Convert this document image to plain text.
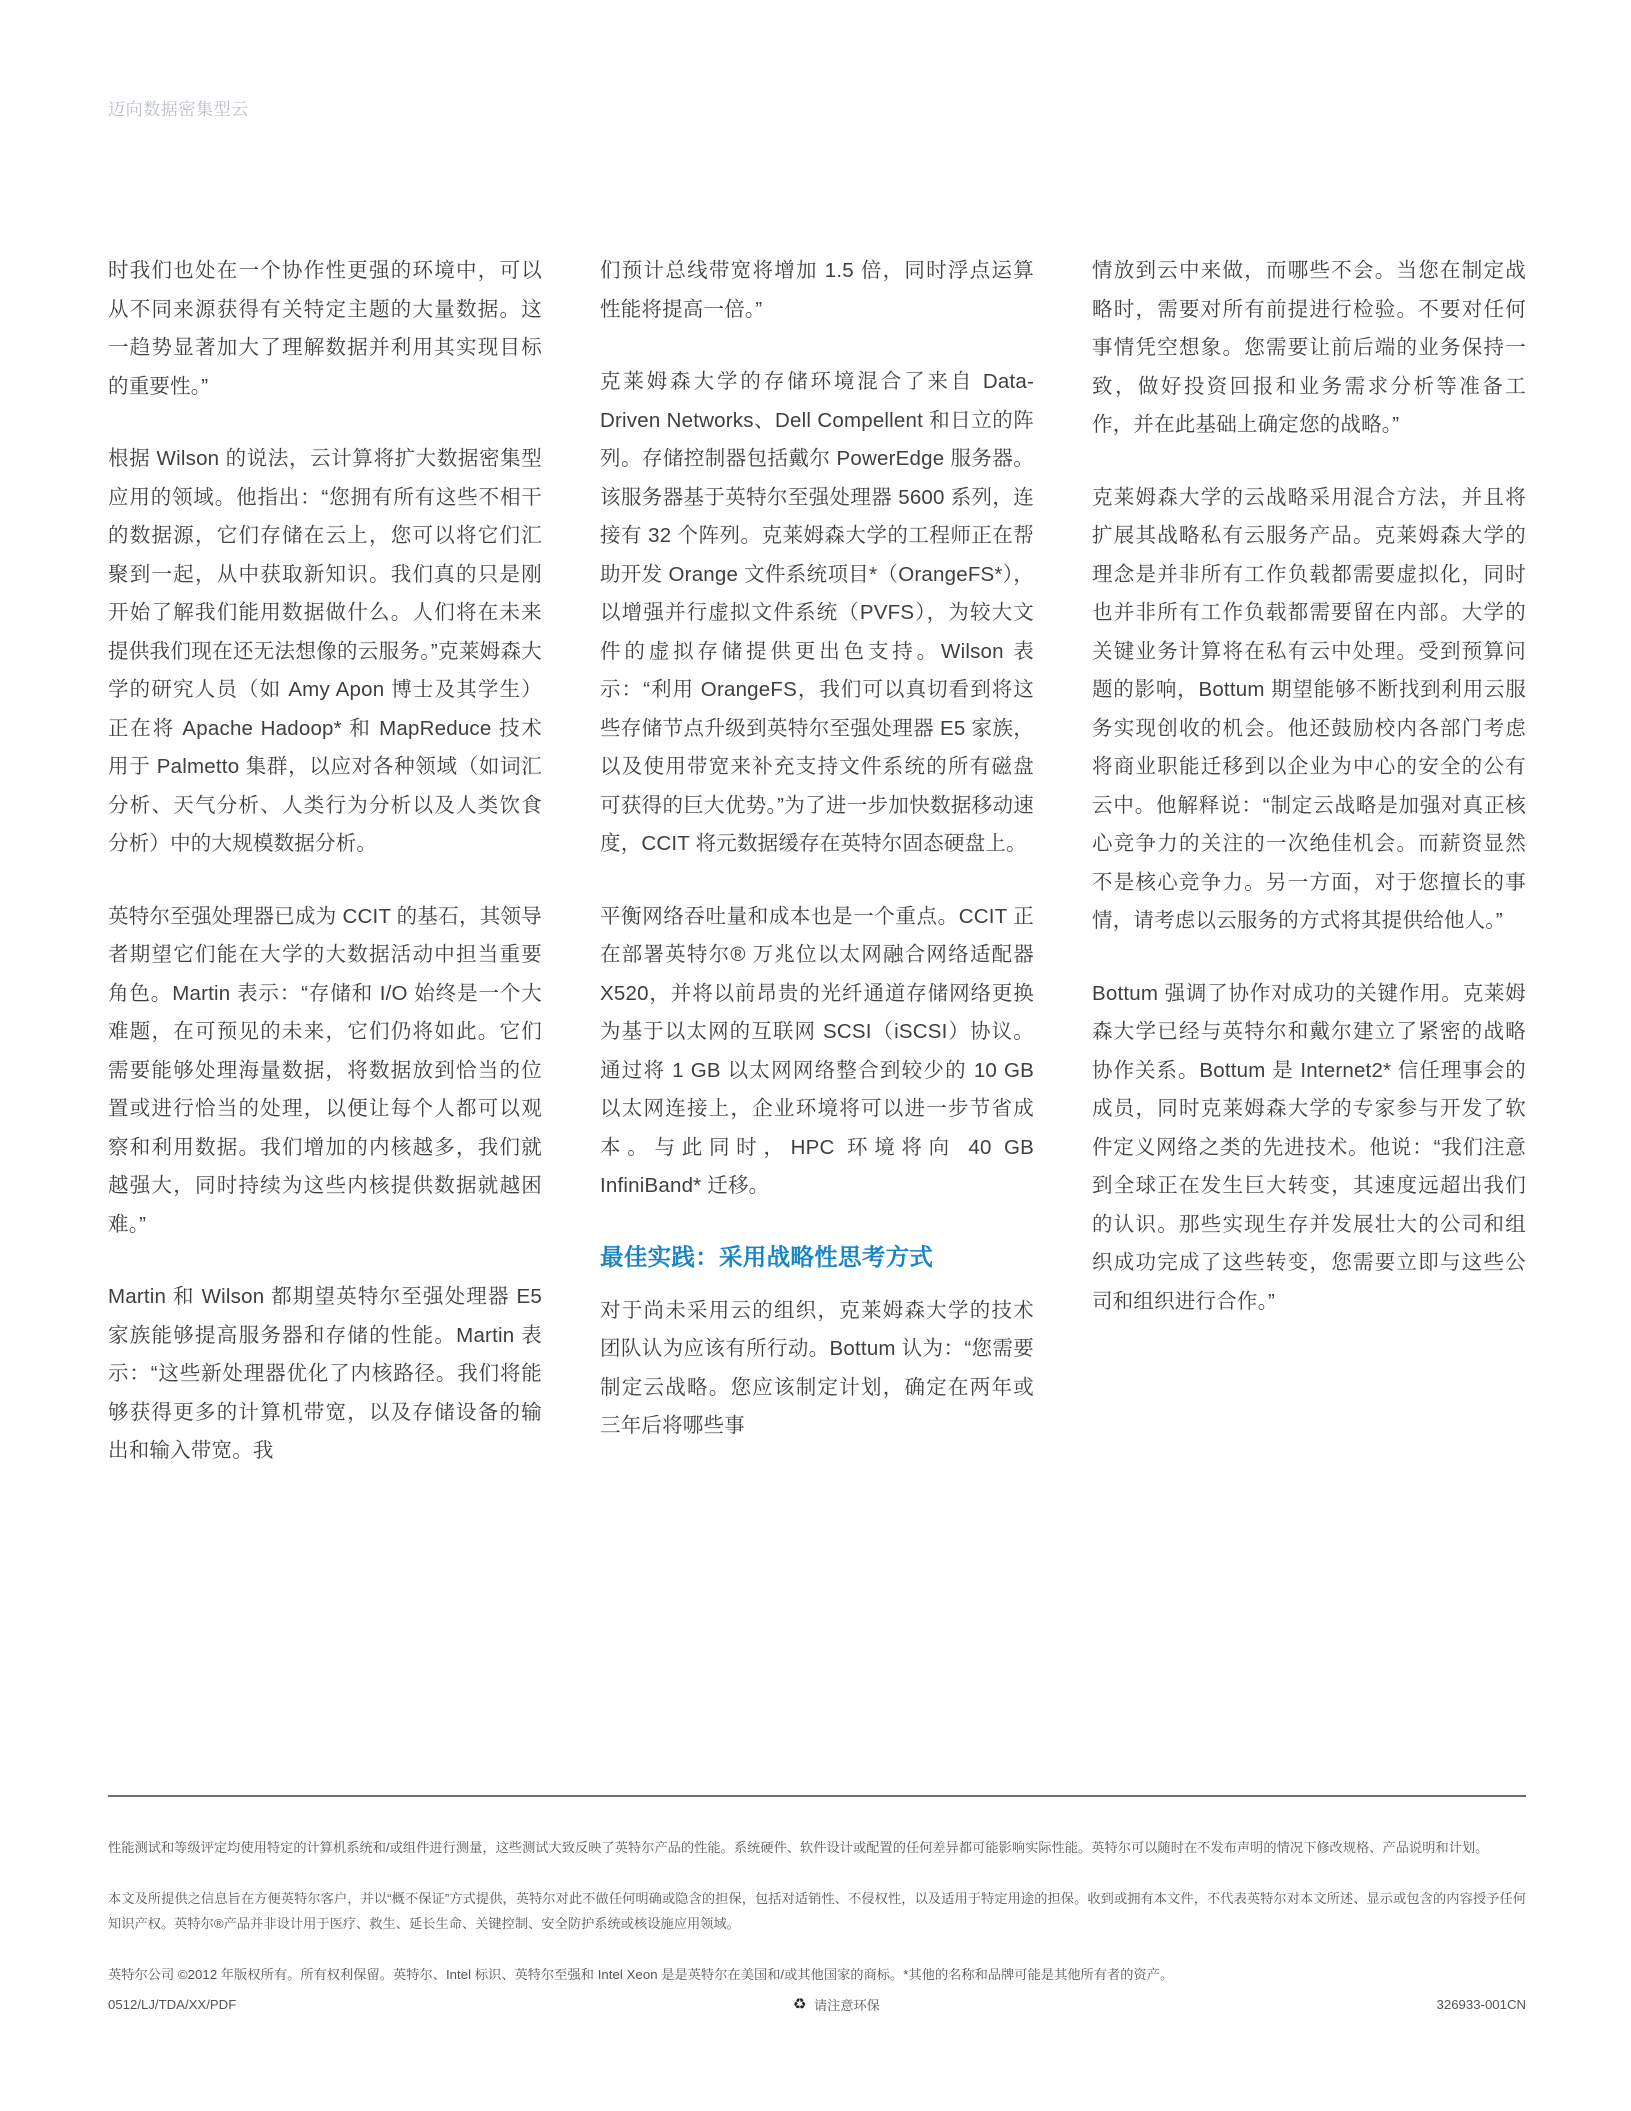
迈向数据密集型云

时我们也处在一个协作性更强的环境中，可以从不同来源获得有关特定主题的大量数据。这一趋势显著加大了理解数据并利用其实现目标的重要性。”

根据 Wilson 的说法，云计算将扩大数据密集型应用的领域。他指出：“您拥有所有这些不相干的数据源，它们存储在云上，您可以将它们汇聚到一起，从中获取新知识。我们真的只是刚开始了解我们能用数据做什么。人们将在未来提供我们现在还无法想像的云服务。”克莱姆森大学的研究人员（如 Amy Apon 博士及其学生）正在将 Apache Hadoop* 和 MapReduce 技术用于 Palmetto 集群，以应对各种领域（如词汇分析、天气分析、人类行为分析以及人类饮食分析）中的大规模数据分析。

英特尔至强处理器已成为 CCIT 的基石，其领导者期望它们能在大学的大数据活动中担当重要角色。Martin 表示：“存储和 I/O 始终是一个大难题，在可预见的未来，它们仍将如此。它们需要能够处理海量数据，将数据放到恰当的位置或进行恰当的处理，以便让每个人都可以观察和利用数据。我们增加的内核越多，我们就越强大，同时持续为这些内核提供数据就越困难。”

Martin 和 Wilson 都期望英特尔至强处理器 E5 家族能够提高服务器和存储的性能。Martin 表示：“这些新处理器优化了内核路径。我们将能够获得更多的计算机带宽，以及存储设备的输出和输入带宽。我

们预计总线带宽将增加 1.5 倍，同时浮点运算性能将提高一倍。”

克莱姆森大学的存储环境混合了来自 Data-Driven Networks、Dell Compellent 和日立的阵列。存储控制器包括戴尔 PowerEdge 服务器。该服务器基于英特尔至强处理器 5600 系列，连接有 32 个阵列。克莱姆森大学的工程师正在帮助开发 Orange 文件系统项目*（OrangeFS*），以增强并行虚拟文件系统（PVFS），为较大文件的虚拟存储提供更出色支持。Wilson 表示：“利用 OrangeFS，我们可以真切看到将这些存储节点升级到英特尔至强处理器 E5 家族，以及使用带宽来补充支持文件系统的所有磁盘可获得的巨大优势。”为了进一步加快数据移动速度，CCIT 将元数据缓存在英特尔固态硬盘上。

平衡网络吞吐量和成本也是一个重点。CCIT 正在部署英特尔® 万兆位以太网融合网络适配器 X520，并将以前昂贵的光纤通道存储网络更换为基于以太网的互联网 SCSI（iSCSI）协议。通过将 1 GB 以太网网络整合到较少的 10 GB 以太网连接上，企业环境将可以进一步节省成本。与此同时，HPC 环境将向 40 GB InfiniBand* 迁移。

最佳实践：采用战略性思考方式

对于尚未采用云的组织，克莱姆森大学的技术团队认为应该有所行动。Bottum 认为：“您需要制定云战略。您应该制定计划，确定在两年或三年后将哪些事

情放到云中来做，而哪些不会。当您在制定战略时，需要对所有前提进行检验。不要对任何事情凭空想象。您需要让前后端的业务保持一致，做好投资回报和业务需求分析等准备工作，并在此基础上确定您的战略。”

克莱姆森大学的云战略采用混合方法，并且将扩展其战略私有云服务产品。克莱姆森大学的理念是并非所有工作负载都需要虚拟化，同时也并非所有工作负载都需要留在内部。大学的关键业务计算将在私有云中处理。受到预算问题的影响，Bottum 期望能够不断找到利用云服务实现创收的机会。他还鼓励校内各部门考虑将商业职能迁移到以企业为中心的安全的公有云中。他解释说：“制定云战略是加强对真正核心竞争力的关注的一次绝佳机会。而薪资显然不是核心竞争力。另一方面，对于您擅长的事情，请考虑以云服务的方式将其提供给他人。”

Bottum 强调了协作对成功的关键作用。克莱姆森大学已经与英特尔和戴尔建立了紧密的战略协作关系。Bottum 是 Internet2* 信任理事会的成员，同时克莱姆森大学的专家参与开发了软件定义网络之类的先进技术。他说：“我们注意到全球正在发生巨大转变，其速度远超出我们的认识。那些实现生存并发展壮大的公司和组织成功完成了这些转变，您需要立即与这些公司和组织进行合作。”

性能测试和等级评定均使用特定的计算机系统和/或组件进行测量，这些测试大致反映了英特尔产品的性能。系统硬件、软件设计或配置的任何差异都可能影响实际性能。英特尔可以随时在不发布声明的情况下修改规格、产品说明和计划。

本文及所提供之信息旨在方便英特尔客户，并以“概不保证”方式提供，英特尔对此不做任何明确或隐含的担保，包括对适销性、不侵权性，以及适用于特定用途的担保。收到或拥有本文件，不代表英特尔对本文所述、显示或包含的内容授予任何知识产权。英特尔®产品并非设计用于医疗、救生、延长生命、关键控制、安全防护系统或核设施应用领域。

英特尔公司 ©2012 年版权所有。所有权利保留。英特尔、Intel 标识、英特尔至强和 Intel Xeon 是是英特尔在美国和/或其他国家的商标。*其他的名称和品牌可能是其他所有者的资产。

0512/LJ/TDA/XX/PDF	♻ 请注意环保	326933-001CN
